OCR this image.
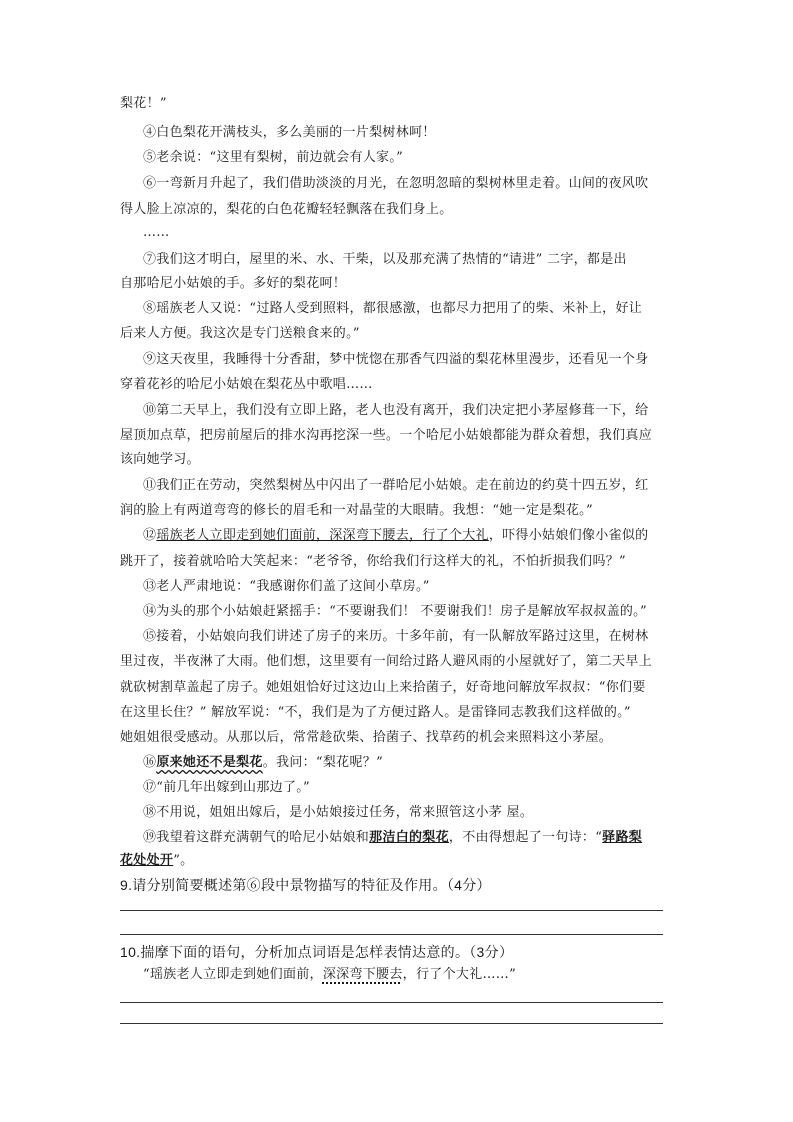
梨花！”
④白色梨花开满枝头，多么美丽的一片梨树林呵！
⑤老余说：“这里有梨树，前边就会有人家。”
⑥一弯新月升起了，我们借助淡淡的月光，在忽明忽暗的梨树林里走着。山间的夜风吹
得人脸上凉凉的，梨花的白色花瓣轻轻飘落在我们身上。
……
⑦我们这才明白，屋里的米、水、干柴，以及那充满了热情的“请进” 二字，都是出
自那哈尼小姑娘的手。多好的梨花呵！
⑧瑶族老人又说：“过路人受到照料，都很感激，也都尽力把用了的柴、米补上，好让
后来人方便。我这次是专门送粮食来的。”
⑨这天夜里，我睡得十分香甜，梦中恍惚在那香气四溢的梨花林里漫步，还看见一个身
穿着花衫的哈尼小姑娘在梨花丛中歌唱……
⑩第二天早上，我们没有立即上路，老人也没有离开，我们决定把小茅屋修葺一下，给
屋顶加点草，把房前屋后的排水沟再挖深一些。一个哈尼小姑娘都能为群众着想，我们真应
该向她学习。
⑪我们正在劳动，突然梨树丛中闪出了一群哈尼小姑娘。走在前边的约莫十四五岁，红
润的脸上有两道弯弯的修长的眉毛和一对晶莹的大眼睛。我想：“她一定是梨花。”
⑫瑶族老人立即走到她们面前，深深弯下腰去，行了个大礼，吓得小姑娘们像小雀似的
跳开了，接着就哈哈大笑起来：“老爷爷，你给我们行这样大的礼，不怕折损我们吗？”
⑬老人严肃地说：“我感谢你们盖了这间小草房。”
⑭为头的那个小姑娘赶紧摇手：“不要谢我们！ 不要谢我们！房子是解放军叔叔盖的。”
⑮接着，小姑娘向我们讲述了房子的来历。十多年前，有一队解放军路过这里，在树林
里过夜，半夜淋了大雨。他们想，这里要有一间给过路人避风雨的小屋就好了，第二天早上
就砍树割草盖起了房子。她姐姐恰好过这边山上来拾菌子，好奇地问解放军叔叔：“你们要
在这里长住？” 解放军说：“不，我们是为了方便过路人。是雷锋同志教我们这样做的。”
她姐姐很受感动。从那以后，常常趁砍柴、拾菌子、找草药的机会来照料这小茅屋。
⑯原来她还不是梨花。我问：“梨花呢？”
⑰“前几年出嫁到山那边了。”
⑱不用说，姐姐出嫁后，是小姑娘接过任务，常来照管这小茅 屋。
⑲我望着这群充满朝气的哈尼小姑娘和那洁白的梨花，不由得想起了一句诗：“驿路梨
花处处开”。
9.请分别简要概述第⑥段中景物描写的特征及作用。（4分）
10.揣摩下面的语句，分析加点词语是怎样表情达意的。（3分）
“瑶族老人立即走到她们面前，深深弯下腰去，行了个大礼……”
